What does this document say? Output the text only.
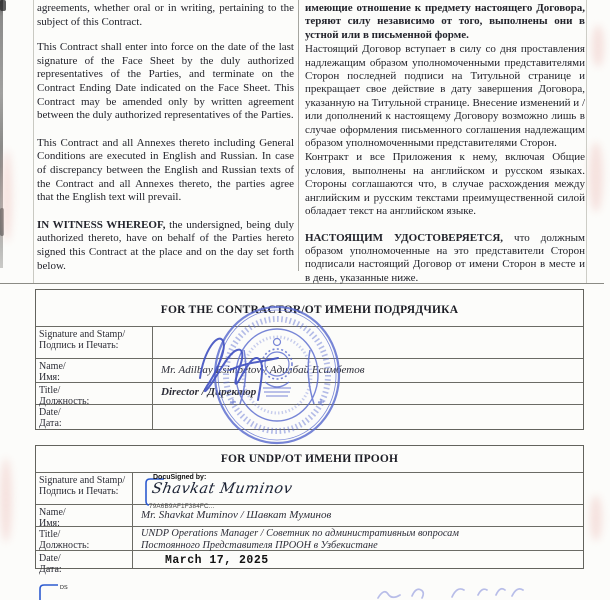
agreements, whether oral or in writing, pertaining to the subject of this Contract.

This Contract shall enter into force on the date of the last signature of the Face Sheet by the duly authorized representatives of the Parties, and terminate on the Contract Ending Date indicated on the Face Sheet. This Contract may be amended only by written agreement between the duly authorized representatives of the Parties.

This Contract and all Annexes thereto including General Conditions are executed in English and Russian. In case of discrepancy between the English and Russian texts of the Contract and all Annexes thereto, the parties agree that the English text will prevail.

IN WITNESS WHEREOF, the undersigned, being duly authorized thereto, have on behalf of the Parties hereto signed this Contract at the place and on the day set forth below.

имеющие отношение к предмету настоящего Договора, теряют силу независимо от того, выполнены они в устной или в письменной форме.

Настоящий Договор вступает в силу со дня проставления надлежащим образом уполномоченными представителями Сторон последней подписи на Титульной странице и прекращает свое действие в дату завершения Договора, указанную на Титульной странице. Внесение изменений и / или дополнений к настоящему Договору возможно лишь в случае оформления письменного соглашения надлежащим образом уполномоченными представителями Сторон.

Контракт и все Приложения к нему, включая Общие условия, выполнены на английском и русском языках. Стороны соглашаются что, в случае расхождения между английским и русским текстами преимущественной силой обладает текст на английском языке.

НАСТОЯЩИМ УДОСТОВЕРЯЕТСЯ, что должным образом уполномоченные на это представители Сторон подписали настоящий Договор от имени Сторон в месте и в день, указанные ниже.

FOR THE CONTRACTOR/ОТ ИМЕНИ ПОДРЯДЧИКА
Signature and Stamp/
Подпись и Печать:
Name/
Имя:
Mr. Adilbay Esimbetov / Адилбай Есимбетов
Title/
Должность:
Director / Директор
Date/
Дата:
FOR UNDP/ОТ ИМЕНИ ПРООН
Signature and Stamp/
Подпись и Печать:
Name/
Имя:
Mr. Shavkat Muminov / Шавкат Муминов
Title/
Должность:
UNDP Operations Manager / Советник по административным вопросам
Постоянного Представителя ПРООН в Узбекистане
Date/
Дата:
March 17, 2025
DocuSigned by:
Shavkat Muminov
79A6B9AF1F384FC...
DS
